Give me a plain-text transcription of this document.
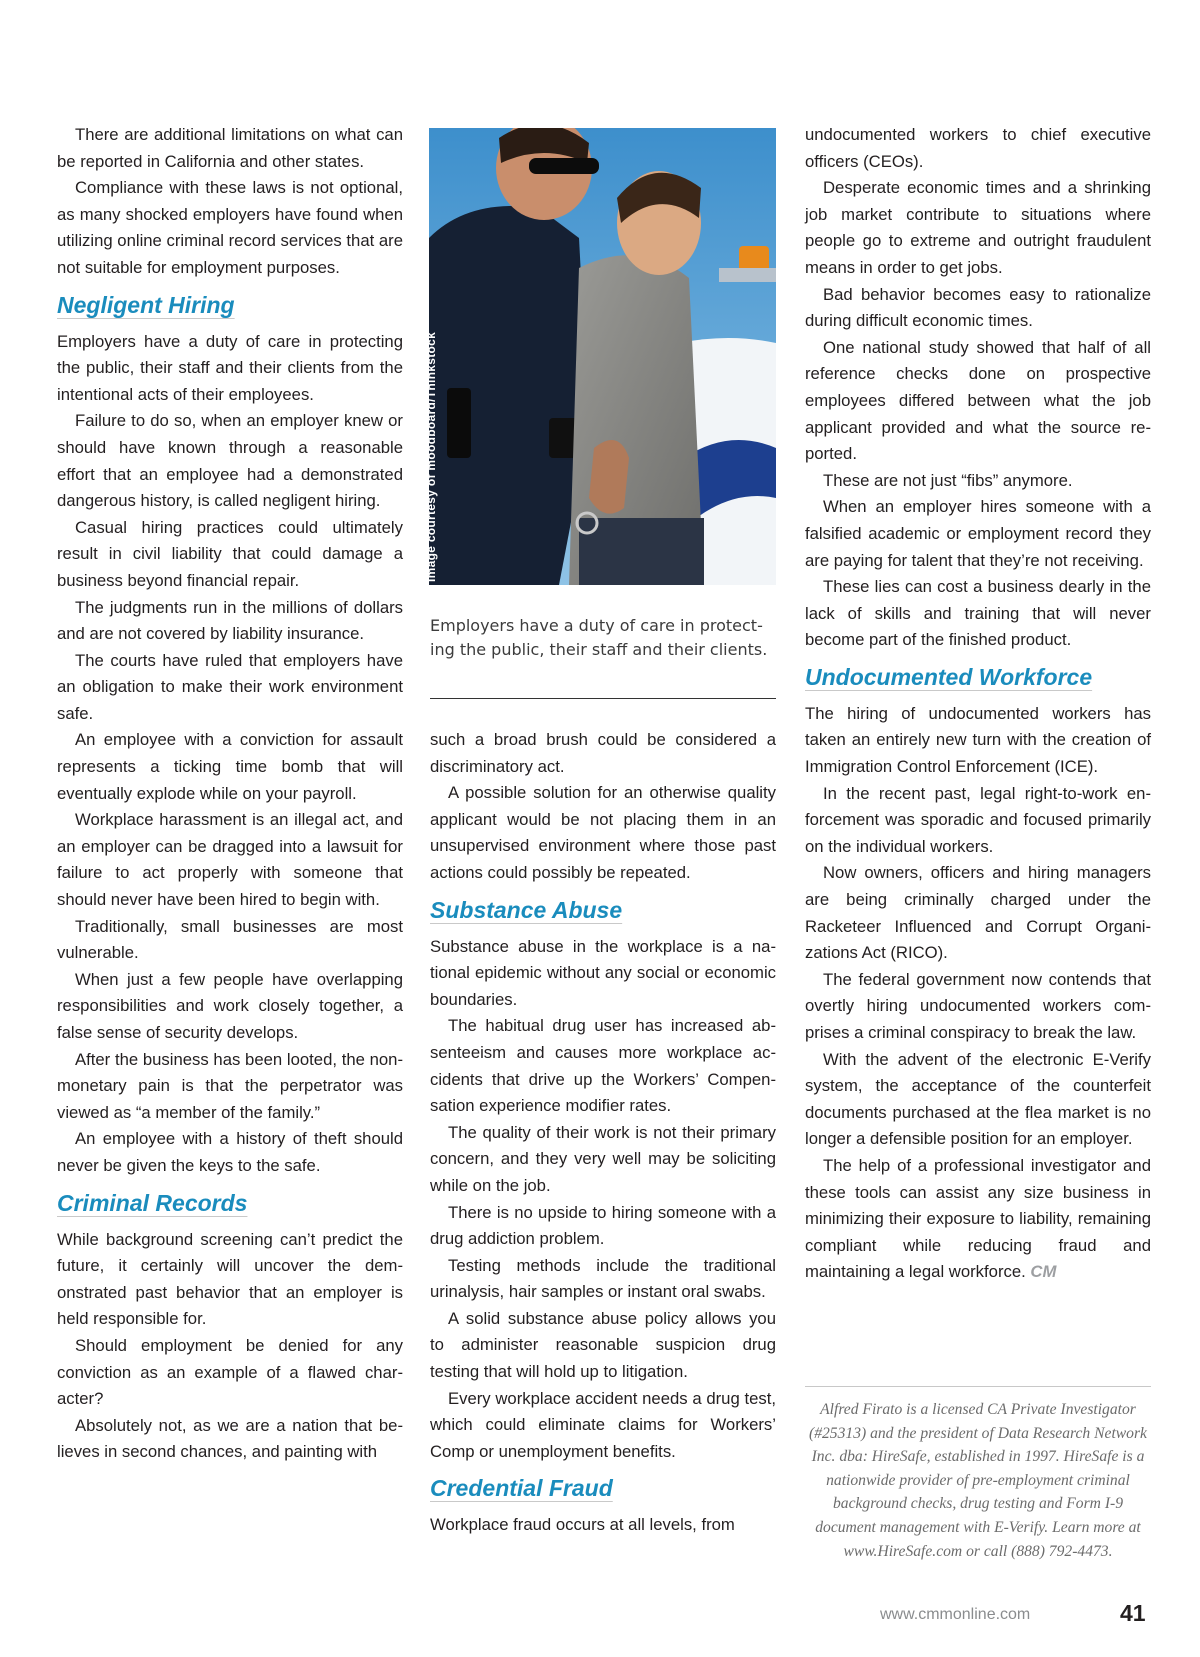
There are additional limitations on what can be reported in California and other states.

Compliance with these laws is not optional, as many shocked employers have found when utilizing online criminal record services that are not suitable for employment purposes.

Negligent Hiring

Employers have a duty of care in protecting the public, their staff and their clients from the intentional acts of their employees.

Failure to do so, when an employer knew or should have known through a reasonable effort that an employee had a demonstrated dangerous history, is called negligent hiring.

Casual hiring practices could ultimately result in civil liability that could damage a business beyond financial repair.

The judgments run in the millions of dollars and are not covered by liability insurance.

The courts have ruled that employers have an obligation to make their work environment safe.

An employee with a conviction for assault represents a ticking time bomb that will eventually explode while on your payroll.

Workplace harassment is an illegal act, and an employer can be dragged into a lawsuit for failure to act properly with someone that should never have been hired to begin with.

Traditionally, small businesses are most vulnerable.

When just a few people have overlapping responsibilities and work closely together, a false sense of security develops.

After the business has been looted, the non-monetary pain is that the perpetrator was viewed as “a member of the family.”

An employee with a history of theft should never be given the keys to the safe.

Criminal Records

While background screening can’t predict the future, it certainly will uncover the demonstrated past behavior that an employer is held responsible for.

Should employment be denied for any conviction as an example of a flawed character?

Absolutely not, as we are a nation that believes in second chances, and painting with

Image courtesy of moodboard/Thinkstock
Employers have a duty of care in protecting the public, their staff and their clients.

such a broad brush could be considered a discriminatory act.

A possible solution for an otherwise quality applicant would be not placing them in an unsupervised environment where those past actions could possibly be repeated.

Substance Abuse

Substance abuse in the workplace is a national epidemic without any social or economic boundaries.

The habitual drug user has increased absenteeism and causes more workplace accidents that drive up the Workers’ Compensation experience modifier rates.

The quality of their work is not their primary concern, and they very well may be soliciting while on the job.

There is no upside to hiring someone with a drug addiction problem.

Testing methods include the traditional urinalysis, hair samples or instant oral swabs.

A solid substance abuse policy allows you to administer reasonable suspicion drug testing that will hold up to litigation.

Every workplace accident needs a drug test, which could eliminate claims for Workers’ Comp or unemployment benefits.

Credential Fraud

Workplace fraud occurs at all levels, from

undocumented workers to chief executive officers (CEOs).

Desperate economic times and a shrinking job market contribute to situations where people go to extreme and outright fraudulent means in order to get jobs.

Bad behavior becomes easy to rationalize during difficult economic times.

One national study showed that half of all reference checks done on prospective employees differed between what the job applicant provided and what the source reported.

These are not just “fibs” anymore.

When an employer hires someone with a falsified academic or employment record they are paying for talent that they’re not receiving.

These lies can cost a business dearly in the lack of skills and training that will never become part of the finished product.

Undocumented Workforce

The hiring of undocumented workers has taken an entirely new turn with the creation of Immigration Control Enforcement (ICE).

In the recent past, legal right-to-work enforcement was sporadic and focused primarily on the individual workers.

Now owners, officers and hiring managers are being criminally charged under the Racketeer Influenced and Corrupt Organizations Act (RICO).

The federal government now contends that overtly hiring undocumented workers comprises a criminal conspiracy to break the law.

With the advent of the electronic E-Verify system, the acceptance of the counterfeit documents purchased at the flea market is no longer a defensible position for an employer.

The help of a professional investigator and these tools can assist any size business in minimizing their exposure to liability, remaining compliant while reducing fraud and maintaining a legal workforce. CM

Alfred Firato is a licensed CA Private Investigator (#25313) and the president of Data Research Network Inc. dba: HireSafe, established in 1997. HireSafe is a nationwide provider of pre-employment criminal background checks, drug testing and Form I-9 document management with E-Verify. Learn more at www.HireSafe.com or call (888) 792-4473.
www.cmmonline.com	41
